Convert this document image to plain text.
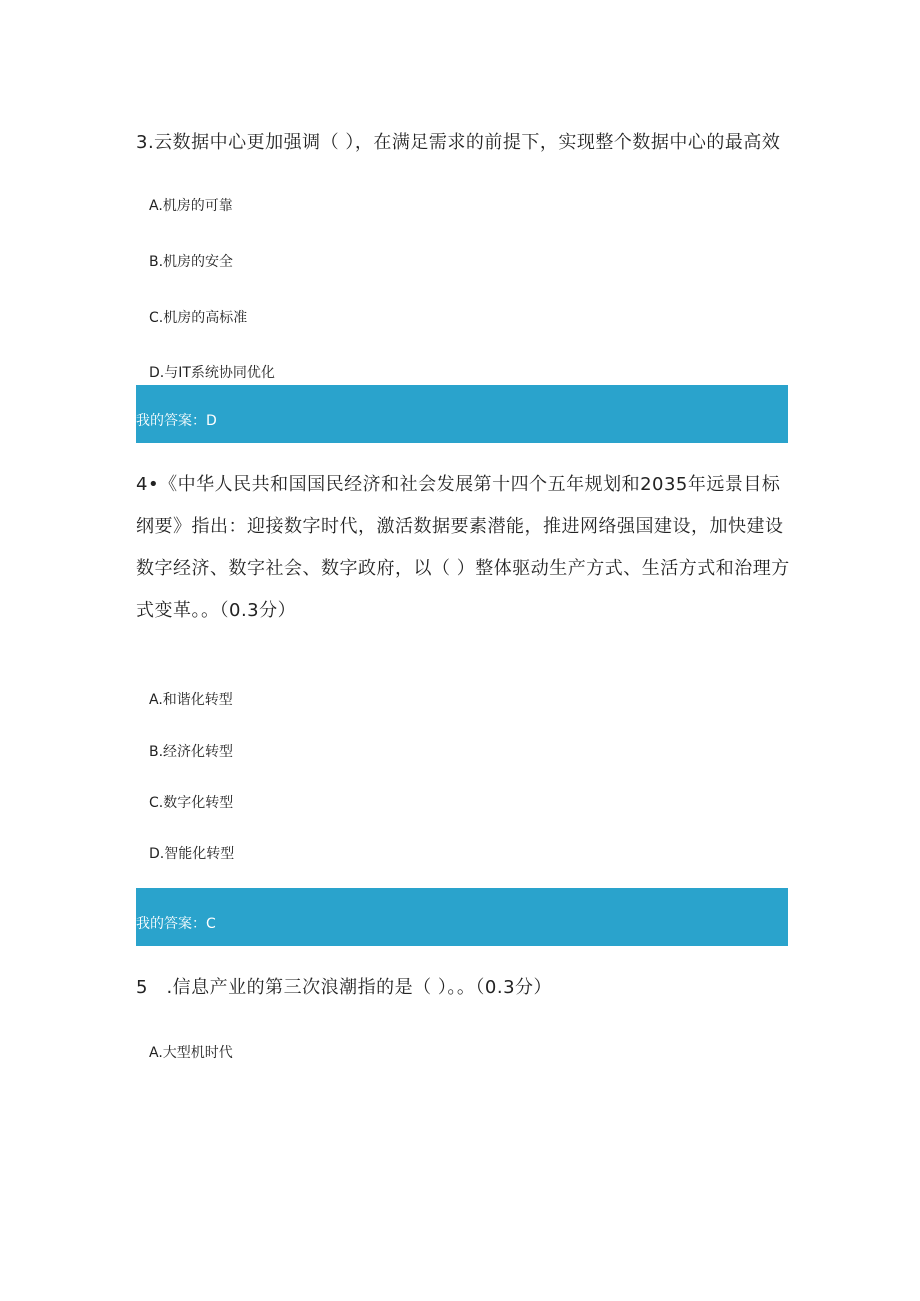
3.云数据中心更加强调（ ），在满足需求的前提下，实现整个数据中心的最高效
A.机房的可靠
B.机房的安全
C.机房的高标准
D.与IT系统协同优化
我的答案：D
4•《中华人民共和国国民经济和社会发展第十四个五年规划和2035年远景目标纲要》指出：迎接数字时代，激活数据要素潜能，推进网络强国建设，加快建设数字经济、数字社会、数字政府，以（ ）整体驱动生产方式、生活方式和治理方式变革。。（0.3分）
A.和谐化转型
B.经济化转型
C.数字化转型
D.智能化转型
我的答案：C
5　.信息产业的第三次浪潮指的是（ ）。。（0.3分）
A.大型机时代
